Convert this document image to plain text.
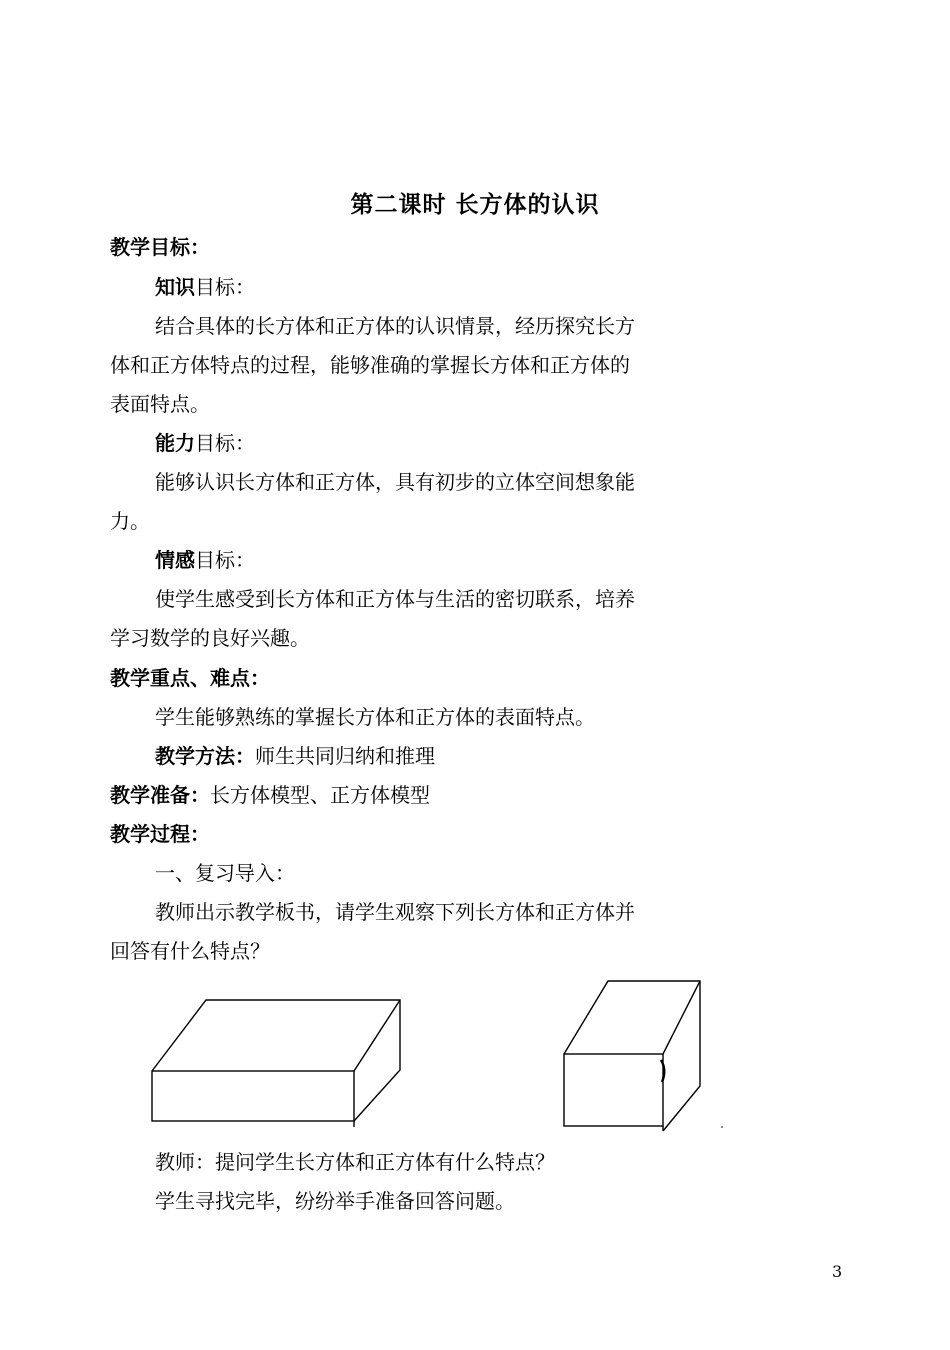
第二课时 长方体的认识
教学目标：
知识目标：
结合具体的长方体和正方体的认识情景，经历探究长方
体和正方体特点的过程，能够准确的掌握长方体和正方体的
表面特点。
能力目标：
能够认识长方体和正方体，具有初步的立体空间想象能
力。
情感目标：
使学生感受到长方体和正方体与生活的密切联系，培养
学习数学的良好兴趣。
教学重点、难点：
学生能够熟练的掌握长方体和正方体的表面特点。
教学方法：师生共同归纳和推理
教学准备：长方体模型、正方体模型
教学过程：
一、复习导入：
教师出示教学板书，请学生观察下列长方体和正方体并
回答有什么特点？
教师：提问学生长方体和正方体有什么特点？
学生寻找完毕，纷纷举手准备回答问题。
3
